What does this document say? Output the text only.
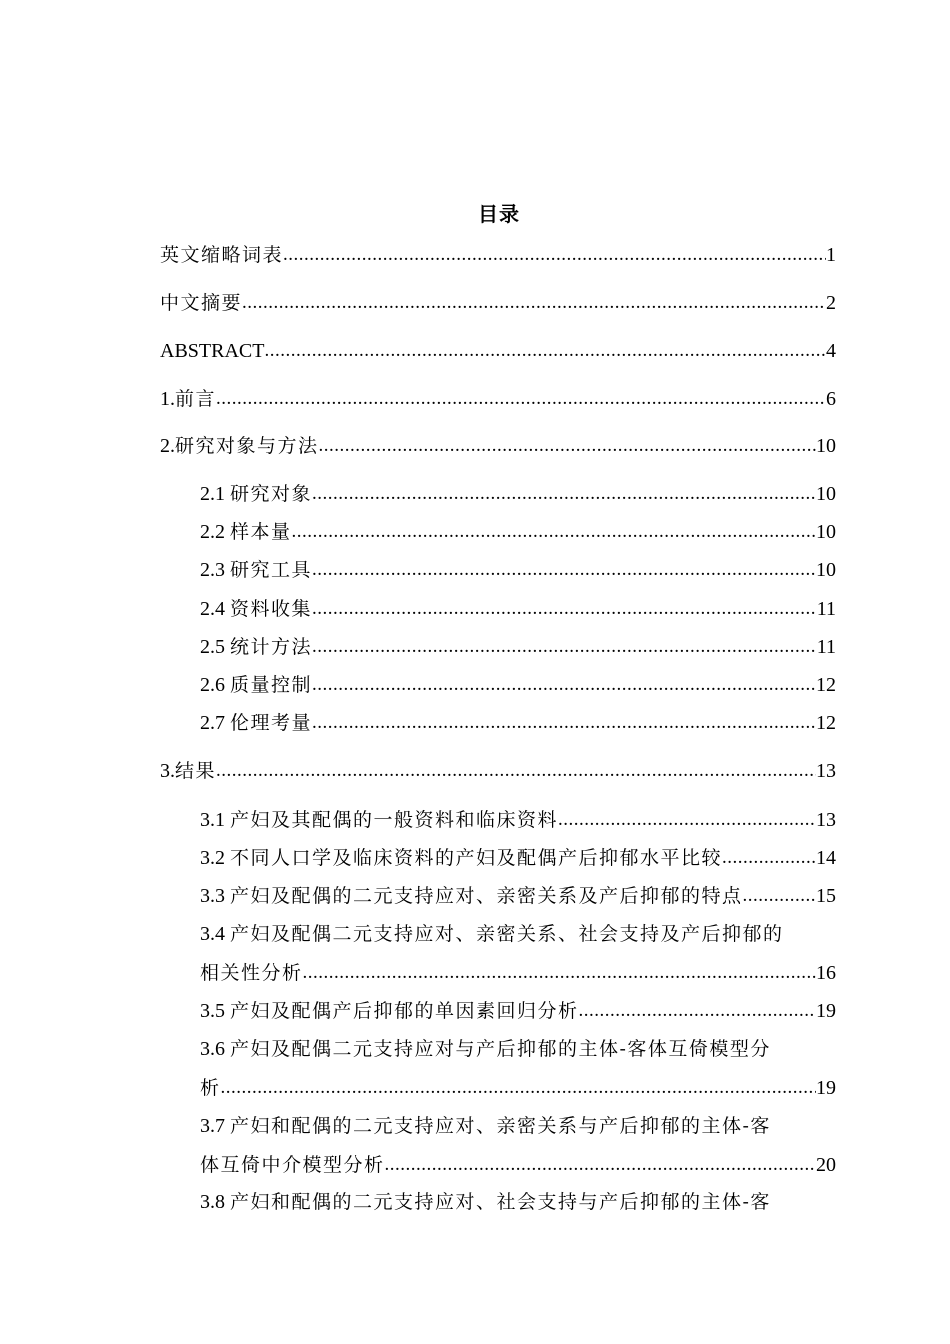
目录
英文缩略词表 .....	1
中文摘要 .....	2
ABSTRACT .....	4
1.前言 .....	6
2.研究对象与方法 .....	10
2.1 研究对象 .....	10
2.2 样本量 .....	10
2.3 研究工具 .....	10
2.4 资料收集 .....	11
2.5 统计方法 .....	11
2.6 质量控制 .....	12
2.7 伦理考量 .....	12
3.结果 .....	13
3.1 产妇及其配偶的一般资料和临床资料 .....	13
3.2 不同人口学及临床资料的产妇及配偶产后抑郁水平比较 .....	14
3.3 产妇及配偶的二元支持应对、亲密关系及产后抑郁的特点 .....	15
3.4 产妇及配偶二元支持应对、亲密关系、社会支持及产后抑郁的
相关性分析 .....	16
3.5 产妇及配偶产后抑郁的单因素回归分析 .....	19
3.6 产妇及配偶二元支持应对与产后抑郁的主体-客体互倚模型分
析 .....	19
3.7 产妇和配偶的二元支持应对、亲密关系与产后抑郁的主体-客
体互倚中介模型分析 .....	20
3.8 产妇和配偶的二元支持应对、社会支持与产后抑郁的主体-客
